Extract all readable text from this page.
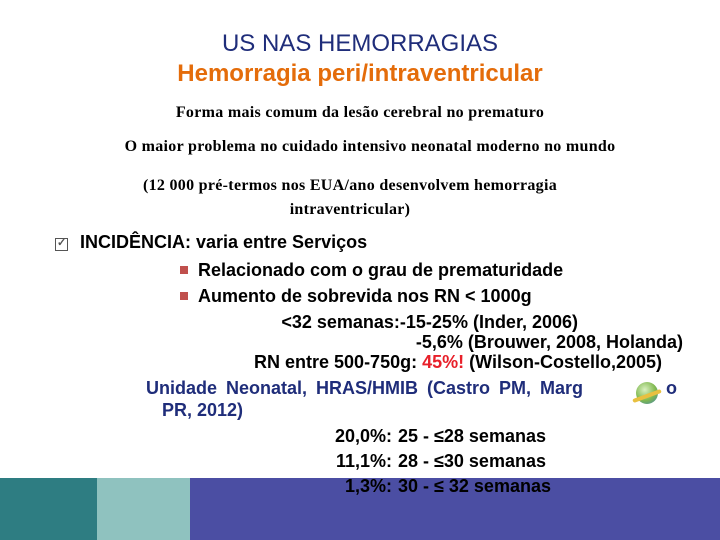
US NAS HEMORRAGIAS
Hemorragia peri/intraventricular
Forma mais comum da lesão cerebral no prematuro
O maior problema no cuidado intensivo neonatal moderno no mundo
(12 000 pré-termos nos EUA/ano desenvolvem hemorragia
intraventricular)
✓ INCIDÊNCIA: varia entre Serviços
Relacionado com o grau de prematuridade
Aumento de sobrevida nos RN < 1000g
<32 semanas:-15-25% (Inder, 2006)
-5,6% (Brouwer, 2008, Holanda)
RN entre 500-750g: 45%! (Wilson-Costello,2005)
Unidade Neonatal, HRAS/HMIB (Castro PM, Marg	o
PR, 2012)
20,0%: 25 - ≤28 semanas
11,1%: 28 - ≤30 semanas
1,3%: 30 - ≤ 32 semanas
